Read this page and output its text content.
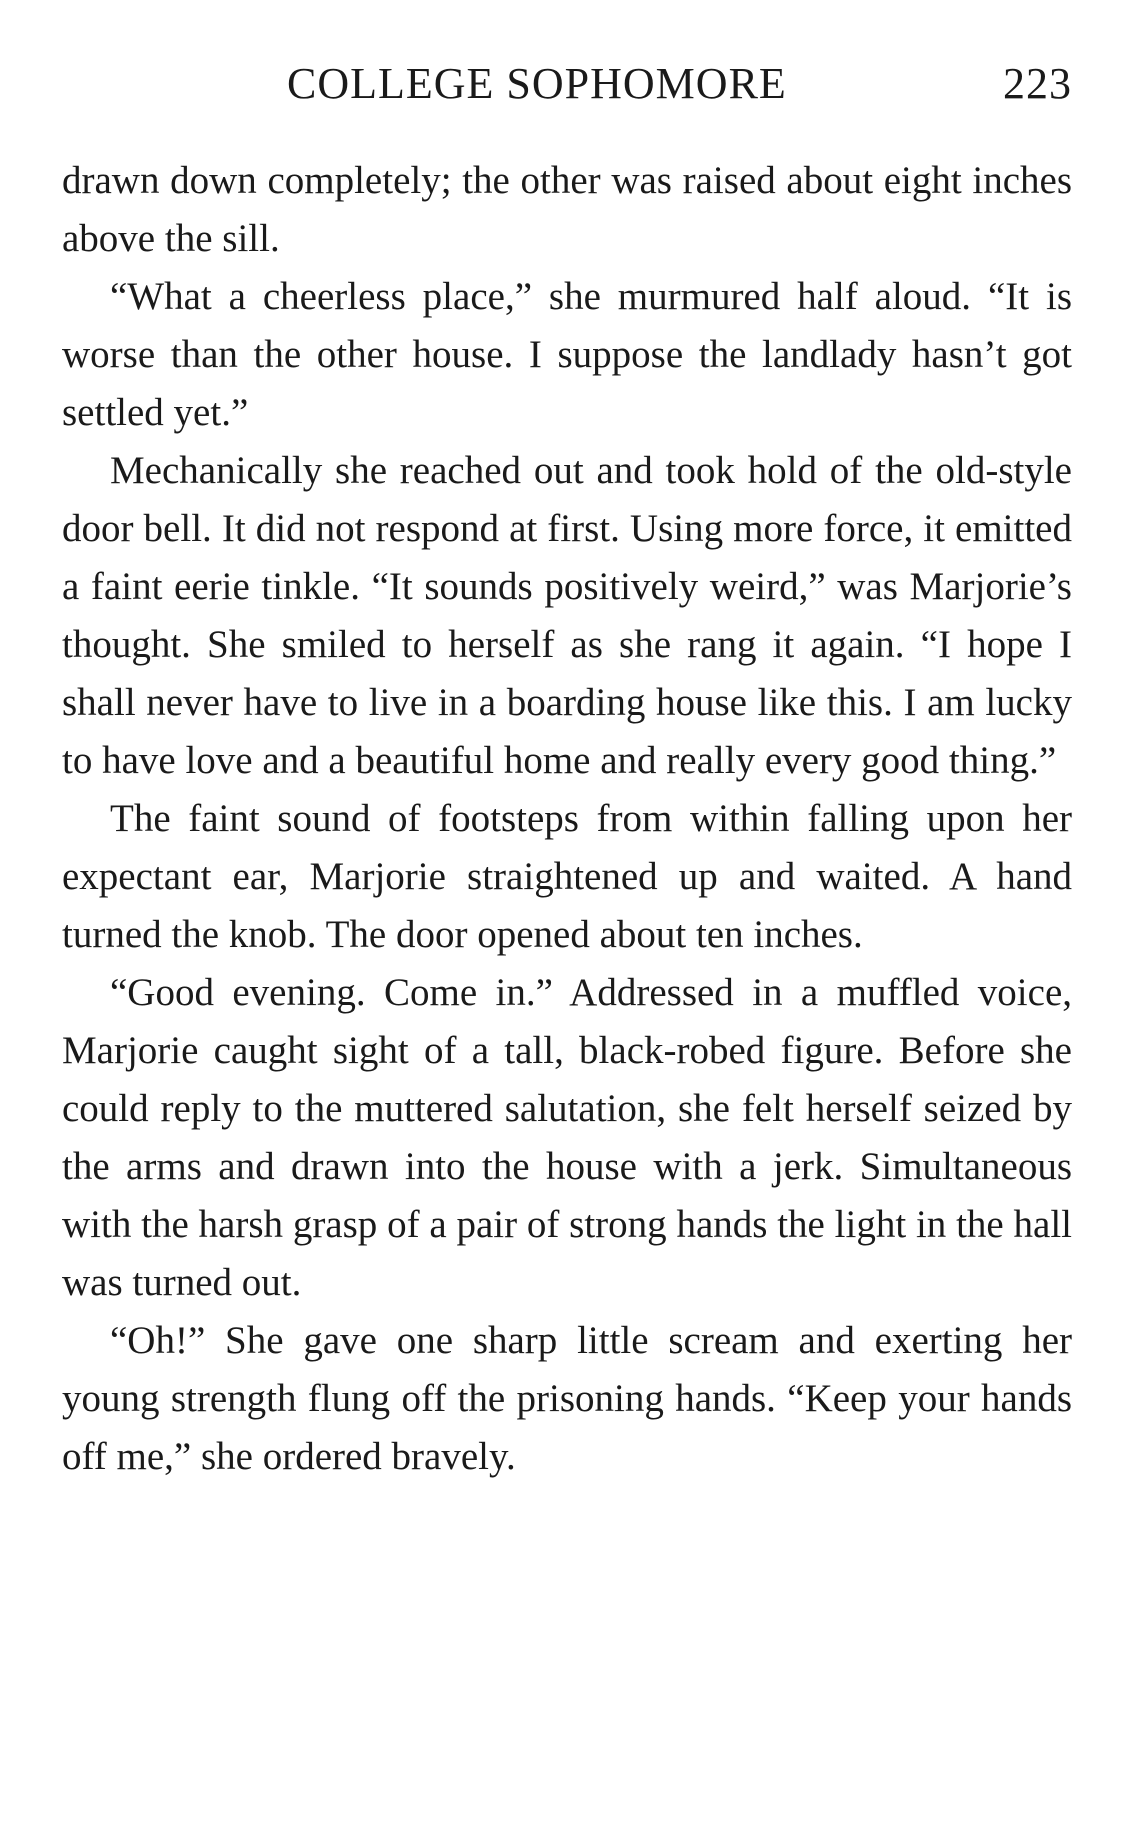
COLLEGE SOPHOMORE	223

drawn down completely; the other was raised about eight inches above the sill.

“What a cheerless place,” she murmured half aloud. “It is worse than the other house. I suppose the landlady hasn’t got settled yet.”

Mechanically she reached out and took hold of the old-style door bell. It did not respond at first. Using more force, it emitted a faint eerie tinkle. “It sounds positively weird,” was Marjorie’s thought. She smiled to herself as she rang it again. “I hope I shall never have to live in a boarding house like this. I am lucky to have love and a beautiful home and really every good thing.”

The faint sound of footsteps from within falling upon her expectant ear, Marjorie straightened up and waited. A hand turned the knob. The door opened about ten inches.

“Good evening. Come in.” Addressed in a muffled voice, Marjorie caught sight of a tall, black-robed figure. Before she could reply to the muttered salutation, she felt herself seized by the arms and drawn into the house with a jerk. Simultaneous with the harsh grasp of a pair of strong hands the light in the hall was turned out.

“Oh!” She gave one sharp little scream and exerting her young strength flung off the prisoning hands. “Keep your hands off me,” she ordered bravely.
